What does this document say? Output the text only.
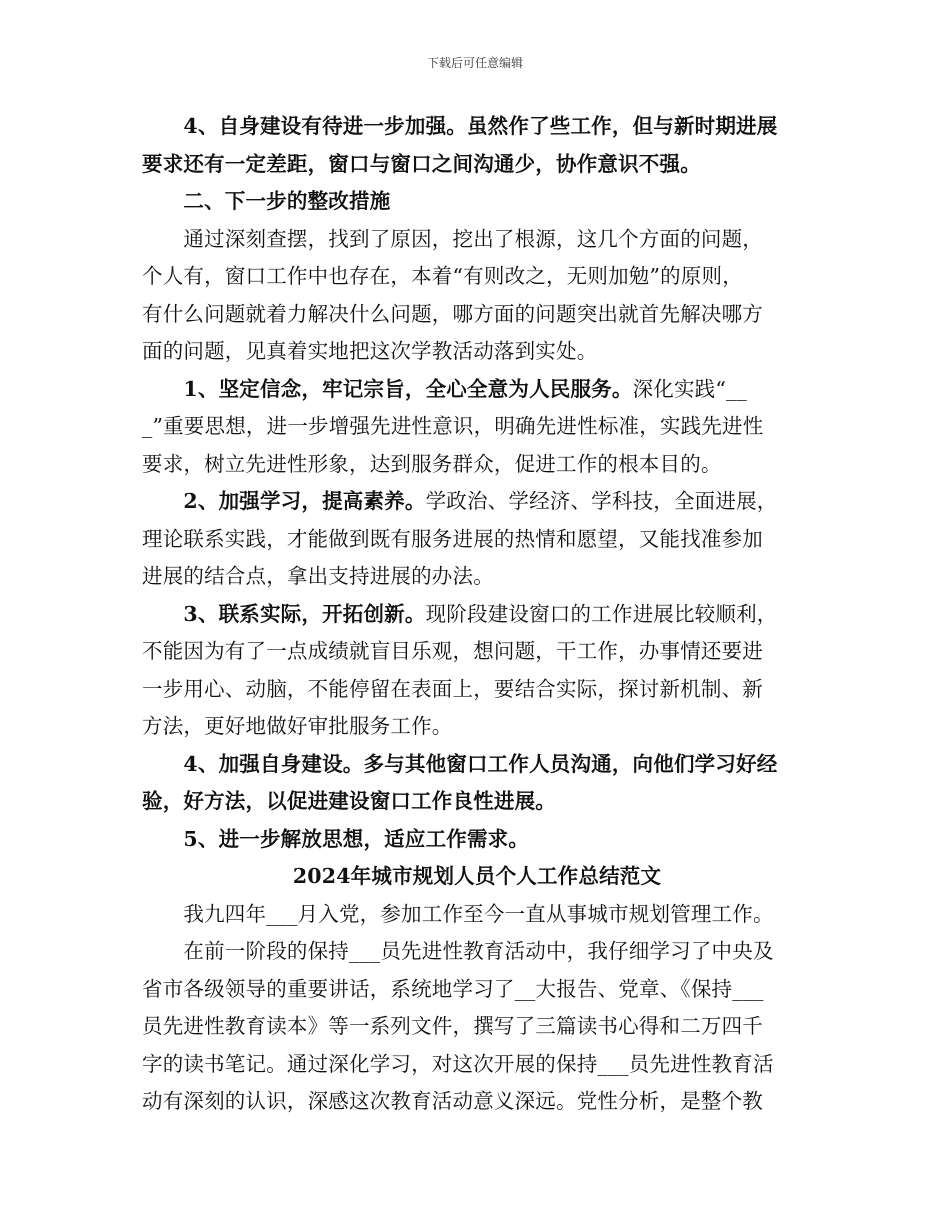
下载后可任意编辑
　　4、自身建设有待进一步加强。虽然作了些工作，但与新时期进展
要求还有一定差距，窗口与窗口之间沟通少，协作意识不强。
　　二、下一步的整改措施
　　通过深刻查摆，找到了原因，挖出了根源，这几个方面的问题，
个人有，窗口工作中也存在，本着“有则改之，无则加勉”的原则，
有什么问题就着力解决什么问题，哪方面的问题突出就首先解决哪方
面的问题，见真着实地把这次学教活动落到实处。
　　1、坚定信念，牢记宗旨，全心全意为人民服务。深化实践“__
_”重要思想，进一步增强先进性意识，明确先进性标准，实践先进性
要求，树立先进性形象，达到服务群众，促进工作的根本目的。
　　2、加强学习，提高素养。学政治、学经济、学科技，全面进展，
理论联系实践，才能做到既有服务进展的热情和愿望，又能找准参加
进展的结合点，拿出支持进展的办法。
　　3、联系实际，开拓创新。现阶段建设窗口的工作进展比较顺利，
不能因为有了一点成绩就盲目乐观，想问题，干工作，办事情还要进
一步用心、动脑，不能停留在表面上，要结合实际，探讨新机制、新
方法，更好地做好审批服务工作。
　　4、加强自身建设。多与其他窗口工作人员沟通，向他们学习好经
验，好方法，以促进建设窗口工作良性进展。
　　5、进一步解放思想，适应工作需求。
2024年城市规划人员个人工作总结范文
　　我九四年___月入党，参加工作至今一直从事城市规划管理工作。
　　在前一阶段的保持___员先进性教育活动中，我仔细学习了中央及
省市各级领导的重要讲话，系统地学习了__大报告、党章、《保持___
员先进性教育读本》等一系列文件，撰写了三篇读书心得和二万四千
字的读书笔记。通过深化学习，对这次开展的保持___员先进性教育活
动有深刻的认识，深感这次教育活动意义深远。党性分析，是整个教
